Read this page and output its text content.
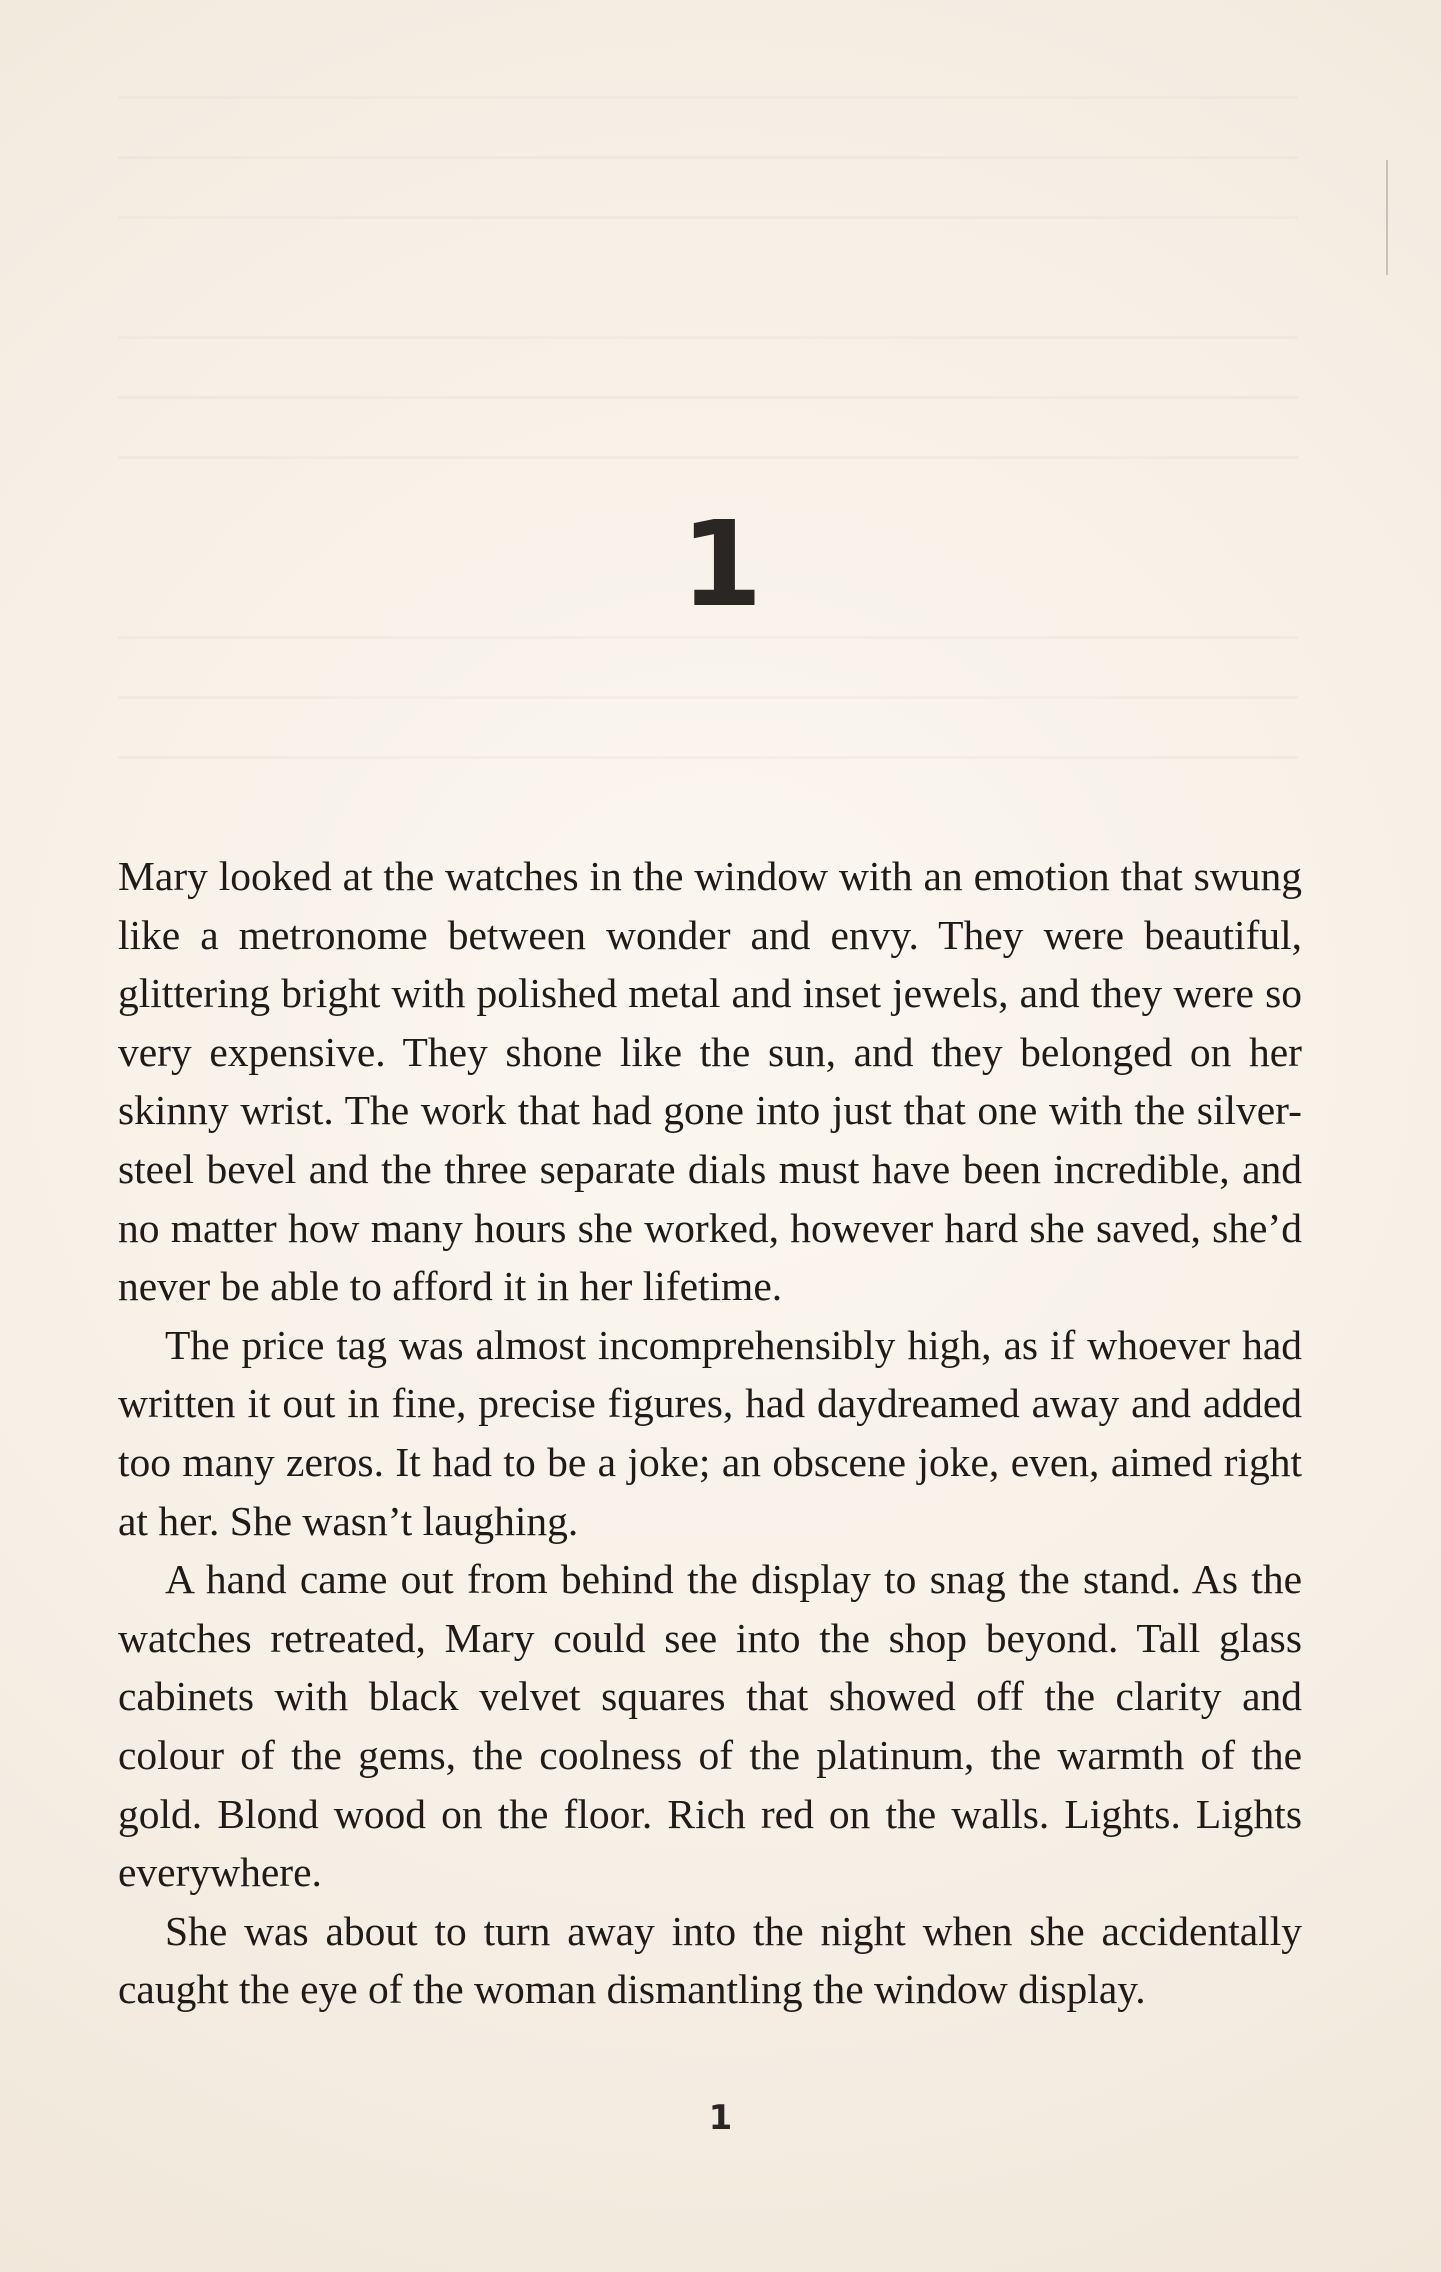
1

Mary looked at the watches in the window with an emotion that swung like a metronome between wonder and envy. They were beautiful, glittering bright with polished metal and inset jewels, and they were so very expensive. They shone like the sun, and they belonged on her skinny wrist. The work that had gone into just that one with the silver-steel bevel and the three separate dials must have been incredible, and no matter how many hours she worked, however hard she saved, she’d never be able to afford it in her lifetime.

The price tag was almost incomprehensibly high, as if whoever had written it out in fine, precise figures, had daydreamed away and added too many zeros. It had to be a joke; an obscene joke, even, aimed right at her. She wasn’t laughing.

A hand came out from behind the display to snag the stand. As the watches retreated, Mary could see into the shop beyond. Tall glass cabinets with black velvet squares that showed off the clarity and colour of the gems, the coolness of the platinum, the warmth of the gold. Blond wood on the floor. Rich red on the walls. Lights. Lights everywhere.

She was about to turn away into the night when she accidentally caught the eye of the woman dismantling the window display.

1
